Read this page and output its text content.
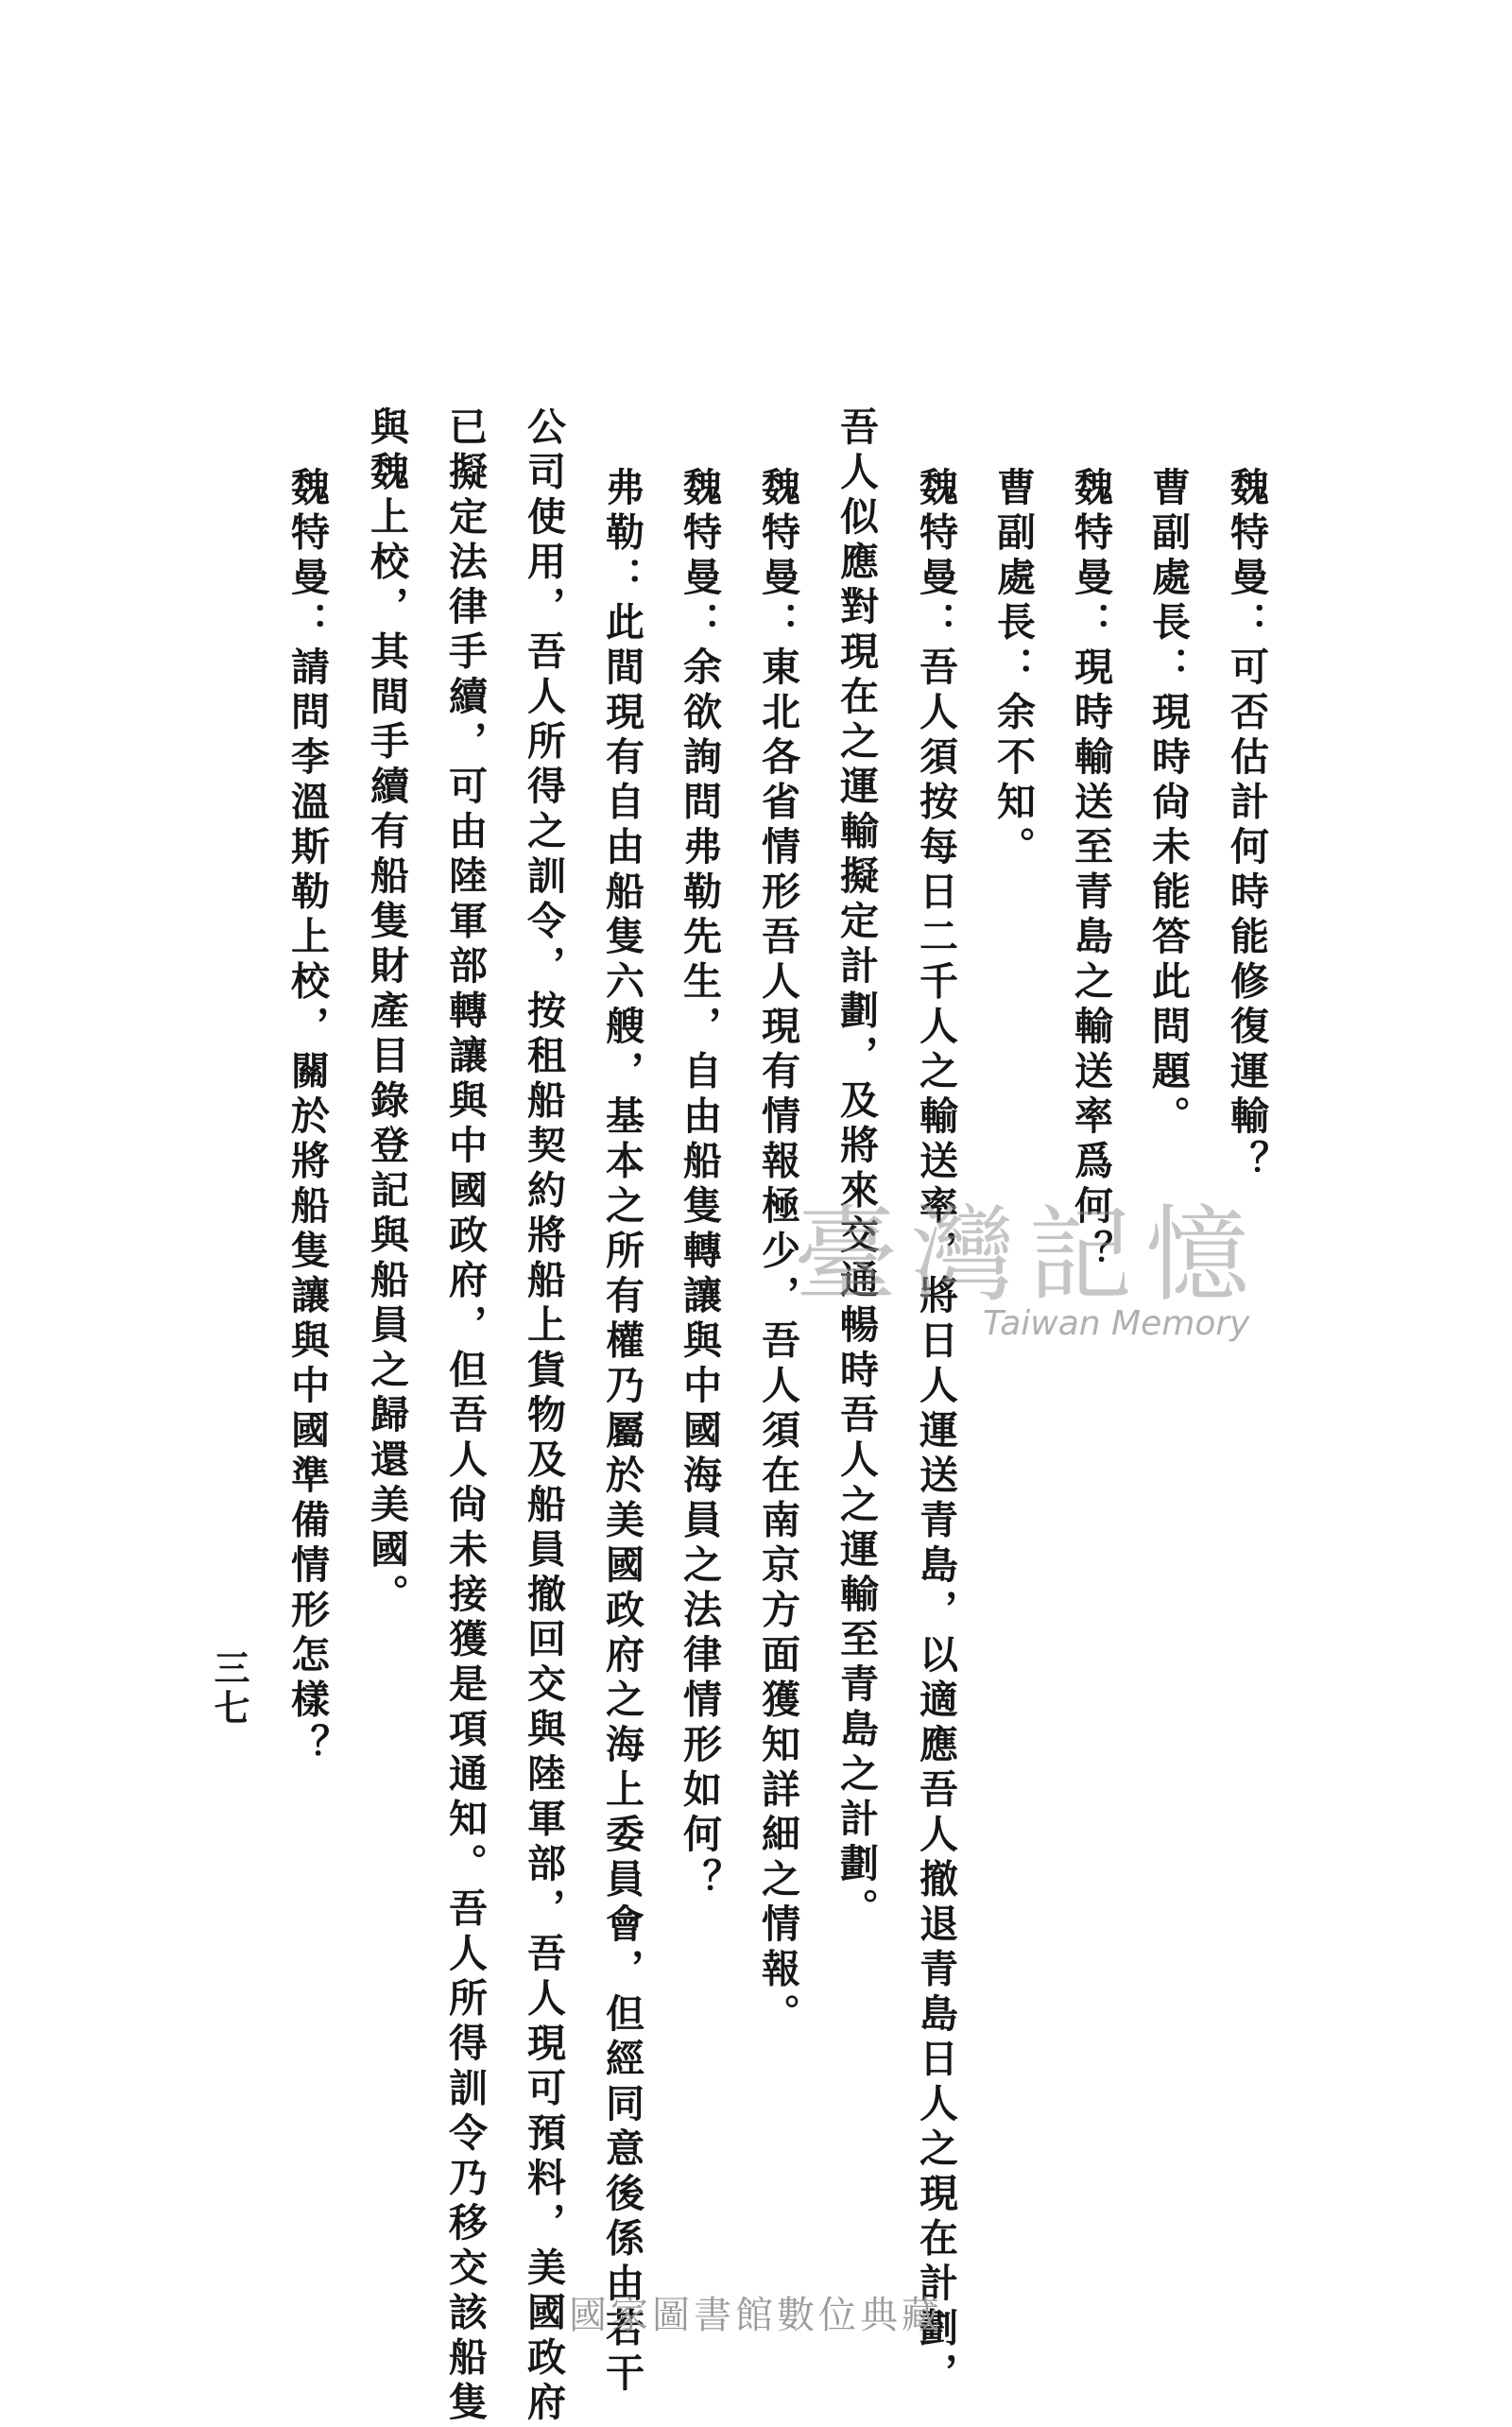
魏特曼：可否估計何時能修復運輸？
曹副處長：現時尙未能答此問題。
魏特曼：現時輸送至青島之輸送率爲何？
曹副處長：余不知。
魏特曼：吾人須按每日二千人之輸送率，將日人運送青島，以適應吾人撤退青島日人之現在計劃，
吾人似應對現在之運輸擬定計劃，及將來交通暢時吾人之運輸至青島之計劃。
魏特曼：東北各省情形吾人現有情報極少，吾人須在南京方面獲知詳細之情報。
魏特曼：余欲詢問弗勒先生，自由船隻轉讓與中國海員之法律情形如何？
弗勒：此間現有自由船隻六艘，基本之所有權乃屬於美國政府之海上委員會，但經同意後係由若干
公司使用，吾人所得之訓令，按租船契約將船上貨物及船員撤回交與陸軍部，吾人現可預料，美國政府
已擬定法律手續，可由陸軍部轉讓與中國政府，但吾人尙未接獲是項通知。吾人所得訓令乃移交該船隻
與魏上校，其間手續有船隻財產目錄登記與船員之歸還美國。
魏特曼：請問李溫斯勒上校，關於將船隻讓與中國準備情形怎樣？
三七
臺灣記憶
Taiwan Memory
國家圖書館數位典藏
